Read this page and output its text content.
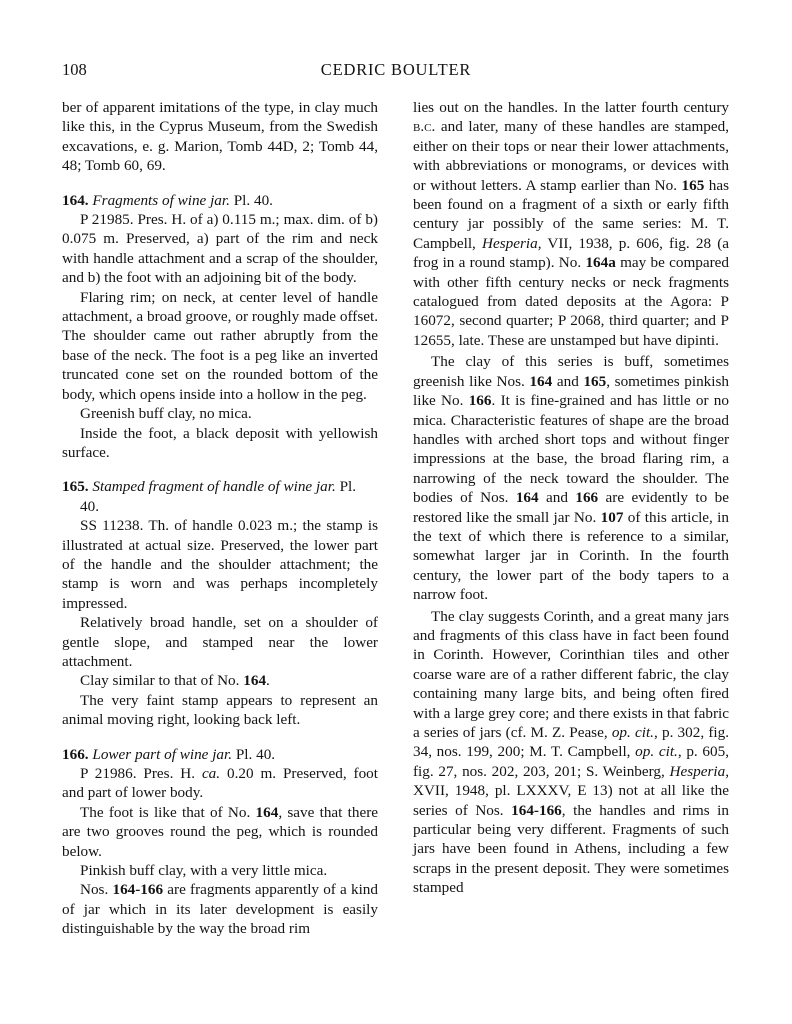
108	CEDRIC BOULTER

ber of apparent imitations of the type, in clay much like this, in the Cyprus Museum, from the Swedish excavations, e. g. Marion, Tomb 44D, 2; Tomb 44, 48; Tomb 60, 69.

164. Fragments of wine jar. Pl. 40.

P 21985. Pres. H. of a) 0.115 m.; max. dim. of b) 0.075 m. Preserved, a) part of the rim and neck with handle attachment and a scrap of the shoulder, and b) the foot with an adjoining bit of the body.

Flaring rim; on neck, at center level of handle attachment, a broad groove, or roughly made offset. The shoulder came out rather abruptly from the base of the neck. The foot is a peg like an inverted truncated cone set on the rounded bottom of the body, which opens inside into a hollow in the peg.

Greenish buff clay, no mica.

Inside the foot, a black deposit with yellowish surface.

165. Stamped fragment of handle of wine jar. Pl. 40.

SS 11238. Th. of handle 0.023 m.; the stamp is illustrated at actual size. Preserved, the lower part of the handle and the shoulder attachment; the stamp is worn and was perhaps incompletely impressed.

Relatively broad handle, set on a shoulder of gentle slope, and stamped near the lower attachment.

Clay similar to that of No. 164.

The very faint stamp appears to represent an animal moving right, looking back left.

166. Lower part of wine jar. Pl. 40.

P 21986. Pres. H. ca. 0.20 m. Preserved, foot and part of lower body.

The foot is like that of No. 164, save that there are two grooves round the peg, which is rounded below.

Pinkish buff clay, with a very little mica.

Nos. 164-166 are fragments apparently of a kind of jar which in its later development is easily distinguishable by the way the broad rim

lies out on the handles. In the latter fourth century b.c. and later, many of these handles are stamped, either on their tops or near their lower attachments, with abbreviations or monograms, or devices with or without letters. A stamp earlier than No. 165 has been found on a fragment of a sixth or early fifth century jar possibly of the same series: M. T. Campbell, Hesperia, VII, 1938, p. 606, fig. 28 (a frog in a round stamp). No. 164a may be compared with other fifth century necks or neck fragments catalogued from dated deposits at the Agora: P 16072, second quarter; P 2068, third quarter; and P 12655, late. These are unstamped but have dipinti.

The clay of this series is buff, sometimes greenish like Nos. 164 and 165, sometimes pinkish like No. 166. It is fine-grained and has little or no mica. Characteristic features of shape are the broad handles with arched short tops and without finger impressions at the base, the broad flaring rim, a narrowing of the neck toward the shoulder. The bodies of Nos. 164 and 166 are evidently to be restored like the small jar No. 107 of this article, in the text of which there is reference to a similar, somewhat larger jar in Corinth. In the fourth century, the lower part of the body tapers to a narrow foot.

The clay suggests Corinth, and a great many jars and fragments of this class have in fact been found in Corinth. However, Corinthian tiles and other coarse ware are of a rather different fabric, the clay containing many large bits, and being often fired with a large grey core; and there exists in that fabric a series of jars (cf. M. Z. Pease, op. cit., p. 302, fig. 34, nos. 199, 200; M. T. Campbell, op. cit., p. 605, fig. 27, nos. 202, 203, 201; S. Weinberg, Hesperia, XVII, 1948, pl. LXXXV, E 13) not at all like the series of Nos. 164-166, the handles and rims in particular being very different. Fragments of such jars have been found in Athens, including a few scraps in the present deposit. They were sometimes stamped
